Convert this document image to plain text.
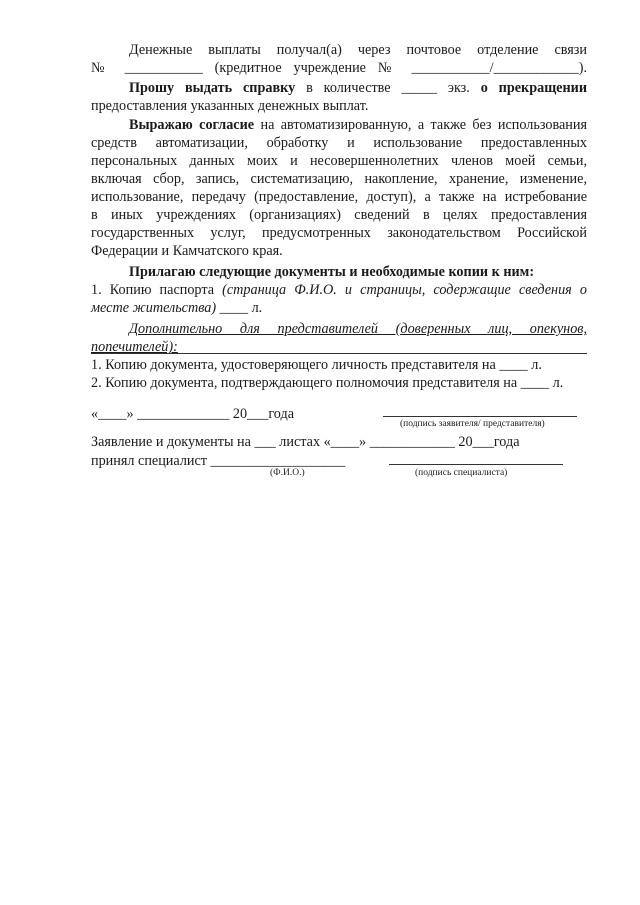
Денежные выплаты получал(а) через почтовое отделение связи
№ ___________ (кредитное учреждение № ___________/____________).
Прошу выдать справку в количестве _____ экз. о прекращении
предоставления указанных денежных выплат.
Выражаю согласие на автоматизированную, а также без использования
средств автоматизации, обработку и использование предоставленных
персональных данных моих и несовершеннолетних членов моей семьи,
включая сбор, запись, систематизацию, накопление, хранение, изменение,
использование, передачу (предоставление, доступ), а также на истребование
в иных учреждениях (организациях) сведений в целях предоставления
государственных услуг, предусмотренных законодательством Российской
Федерации и Камчатского края.
Прилагаю следующие документы и необходимые копии к ним:
1. Копию паспорта (страница Ф.И.О. и страницы, содержащие сведения о
месте жительства) ____ л.
Дополнительно для представителей (доверенных лиц, опекунов,
попечителей):
1. Копию документа, удостоверяющего личность представителя на ____ л.
2. Копию документа, подтверждающего полномочия представителя на ____ л.
«____» _____________ 20___года
(подпись заявителя/ представителя)
Заявление и документы на ___ листах «____» ____________ 20___года
принял специалист ___________________
(Ф.И.О.)	(подпись специалиста)
